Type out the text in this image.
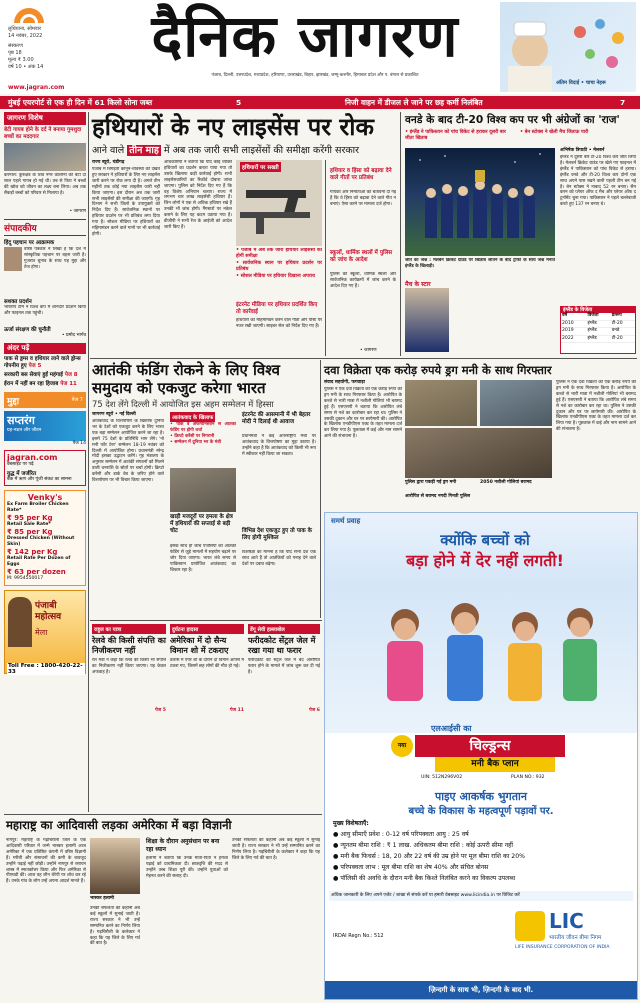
लुधियाना, सोमवार
14 नवंबर, 2022
संस्करण
पृष्ठ 18
मूल्य ₹ 3.00
वर्ष 10 • अंक 14
www.jagran.com
दैनिक जागरण
पंजाब, दिल्ली, उत्तरप्रदेश, मध्यप्रदेश, हरियाणा, उत्तराखंड, बिहार, झारखंड, जम्मू-कश्मीर, हिमाचल प्रदेश और प. बंगाल से प्रकाशित
अंतिम विदाई • चाचा नेहरू
मुंबई एयरपोर्ट से एक ही दिन में 61 किलो सोना जब्त	5	निजी वाहन में डीजल ले जाने पर छह कर्मी निलंबित	7
जागरण विशेष
बेटी गायब होने के दर्द ने बनाया गुमशुदा बच्चों का मददगार
करनाल: कुरुक्षेत्र के शिव नगर कॉलोनी की बेटी दो साल पहले गायब हो गई थी। तब से पिता ने बच्चों की खोज को जीवन का लक्ष्य बना लिया। अब तक सैकड़ों बच्चों को परिवार से मिलाया है।
• जागरण
संपादकीय
हिंदू पहचान पर आक्रामक
वरिष्ठ पत्रकार ने लिखा है कि देश में सांस्कृतिक पहचान पर बहस जारी है। गुजरात चुनाव के साथ यह मुद्दा और तेज होगा।
सशक्त प्रदर्शन
भारतीय टीम ने विश्व कप में शानदार प्रदर्शन किया और फाइनल तक पहुंची।
ऊर्जा संरक्षण की चुनौती
• प्रमोद भार्गव
अंदर पढ़ें
पाक से ड्रग्स व हथियार लाने वाले ड्रोन्स गोपनीय हुए पेज 5
सरकारी बस सेवाएं हुईं महंगाई पेज 8
ईरान में नहीं बन रहा हिजाब पेज 11
मुद्दा	पेज 7
सप्तरंग
ग्रह-नक्षत्र और जीवन
पेज 14
jagran.com
वेबसाइट पर पढ़ें
युद्ध में जर्जरित
बैंक में ऋण और पूंजी संकट का सामना
Venky's
Ex Farm Broiler Chicken Rate*
₹ 95 per Kg
Retail Sale Rate*
₹ 85 per Kg
Dressed Chicken (Without Skin)
₹ 142 per Kg
Retail Rate Per Dozen of Eggs
₹ 63 per dozen
M: 9954550017
पंजाबी महोत्सव
मेला
Toll Free : 1800-420-22-33
हथियारों के नए लाइसेंस पर रोक
आने वाले तीन माह में अब तक जारी सभी लाइसेंसों की समीक्षा करेंगी सरकार
राज्य ब्यूरो, चंडीगढ़
पंजाब में बिगड़ती कानून-व्यवस्था को देखते हुए सरकार ने हथियारों के लिए नए लाइसेंस जारी करने पर रोक लगा दी है। अगले तीन महीनों तक कोई नया लाइसेंस जारी नहीं किया जाएगा। इस दौरान अब तक जारी सभी लाइसेंसों की समीक्षा की जाएगी। गृह विभाग ने सभी जिलों के उपायुक्तों को निर्देश दिए हैं। सार्वजनिक स्थानों पर हथियार प्रदर्शन पर भी प्रतिबंध लगा दिया गया है। सोशल मीडिया पर हथियारों का महिमामंडन करने वाले गानों पर भी कार्रवाई होगी।
अधिकारियों ने बताया कि यदि कोई व्यक्ति हथियारों का प्रदर्शन करता पाया गया तो उसके खिलाफ कड़ी कार्रवाई होगी। सभी लाइसेंसधारियों का रिकॉर्ड दोबारा जांचा जाएगा। पुलिस को निर्देश दिए गए हैं कि वह विशेष अभियान चलाए। राज्य में लगभग चार लाख लाइसेंसी हथियार हैं। जिन लोगों ने एक से अधिक हथियार रखे हैं उनकी भी जांच होगी। गैंगस्टरों पर नकेल कसने के लिए यह कदम उठाया गया है। डीजीपी ने सभी रेंज के आईजी को आदेश जारी किए हैं।
हथियारों पर सख्ती
• पंजाब में अब तक जारी हथियार लाइसेंसों की होगी समीक्षा
• सार्वजनिक स्थान पर हथियार प्रदर्शन पर प्रतिबंध
• सोशल मीडिया पर हथियार दिखाना अपराध
इंटरनेट मीडिया पर हथियार प्रदर्शित किए तो कार्रवाई
हथियारों का महिमामंडन करने वाले गीतों और पोस्ट पर नजर रखी जाएगी। साइबर सेल को निर्देश दिए गए हैं।
हथियार व हिंसा को बढ़ावा देने वाले गीतों पर प्रतिबंध
गायकों और निर्माताओं को चेतावनी दी गई है कि वे हिंसा को बढ़ावा देने वाले गीत न बनाएं। ऐसा करने पर मामला दर्ज होगा।
स्कूलों, धार्मिक स्थलों में पुलिस को जांच के आदेश
पुलिस को स्कूलों, धार्मिक स्थलों और सार्वजनिक कार्यक्रमों में जांच करने के आदेश दिए गए हैं।
• जागरण
वनडे के बाद टी-20 विश्व कप पर भी अंग्रेजों का 'राज'
• इंग्लैंड ने पाकिस्तान को पांच विकेट से हराकर दूसरी बार जीता खिताब
• बेन स्टोक्स ने खेली मैच जिताऊ पारी
जीत का जश्न : मेलबर्न क्रिकेट ग्राउंड पर खिताब जीतने के बाद ट्रॉफी के साथ जश्न मनाते इंग्लैंड के खिलाड़ी।
अभिषेक त्रिपाठी • मेलबर्न
इंग्लैंड ने दूसरी बार टी-20 विश्व कप जीत लिया है। मेलबर्न क्रिकेट ग्राउंड पर खेले गए फाइनल में इंग्लैंड ने पाकिस्तान को पांच विकेट से हराया। इंग्लैंड वनडे और टी-20 विश्व कप दोनों एक साथ अपने पास रखने वाली पहली टीम बन गई है। बेन स्टोक्स ने नाबाद 52 रन बनाए। सैम करन को प्लेयर ऑफ द मैच और प्लेयर ऑफ द टूर्नामेंट चुना गया। पाकिस्तान ने पहले बल्लेबाजी करते हुए 137 रन बनाए थे।
इंग्लैंड के विजेता
वर्ष	विजेता	प्रारूप
2010	इंग्लैंड	टी-20
2019	इंग्लैंड	वनडे
2022	इंग्लैंड	टी-20
मैच के स्टार
आतंकी फंडिंग रोकने के लिए विश्व
समुदाय को एकजुट करेगा भारत
75 देश लेंगे दिल्ली में आयोजित इस अहम सम्मेलन में हिस्सा
जागरण ब्यूरो • नई दिल्ली
आतंकवाद के वित्तपोषण के खिलाफ दुनिया भर के देशों को एकजुट करने के लिए भारत एक बड़ा सम्मेलन आयोजित करने जा रहा है। इसमें 75 देशों के प्रतिनिधि भाग लेंगे। 'नो मनी फॉर टेरर' सम्मेलन 18-19 नवंबर को दिल्ली में आयोजित होगा। प्रधानमंत्री नरेन्द्र मोदी इसका उद्घाटन करेंगे। गृह मंत्रालय के अनुसार सम्मेलन में आतंकी संगठनों को मिलने वाली धनराशि के स्रोतों पर चर्चा होगी। क्रिप्टो करेंसी और डार्क वेब के जरिए होने वाले वित्तपोषण पर भी विचार किया जाएगा।
आतंकवाद के खिलाफ
• पाक व अफगानिस्तान से आतंकी फंडिंग पर होगी चर्चा
• क्रिप्टो करेंसी पर निगरानी
• सम्मेलन में दुनिया भर के मंत्री
खाड़ी मजदूरों पर हमला के क्षेत्र में हथियारों की सप्लाई से बड़ी चोट
इसके साथ ही जांच एजेंसियों को आतंकी फंडिंग से जुड़े मामलों में सहयोग बढ़ाने पर जोर दिया जाएगा। भारत लंबे समय से पाकिस्तान प्रायोजित आतंकवाद का शिकार रहा है।
इंटरनेट की आसमानी में भी बेहतर मोदी ने दिलाई थी आवाज
प्रधानमंत्री ने कई अंतरराष्ट्रीय मंचों पर आतंकवाद के वित्तपोषण का मुद्दा उठाया है। उन्होंने कहा है कि आतंकवाद को किसी भी रूप में स्वीकार नहीं किया जा सकता।
विभिन्न देश एकजुट हुए तो पाक के लिए होगी मुश्किल
विशेषज्ञों का मानना है कि यदि सभी देश एक साथ आते हैं तो आतंकियों को पनाह देने वाले देशों पर दबाव बढ़ेगा।
दवा विक्रेता एक करोड़ रुपये ड्रग मनी के साथ गिरफ्तार
संवाद सहयोगी, फगवाड़ा
पुलिस ने एक दवा विक्रेता को एक करोड़ रुपये की ड्रग मनी के साथ गिरफ्तार किया है। आरोपित के कब्जे से भारी मात्रा में नशीली गोलियां भी बरामद हुई हैं। एसएसपी ने बताया कि आरोपित लंबे समय से नशे का कारोबार कर रहा था। पुलिस ने उसकी दुकान और घर पर छापेमारी की। आरोपित के खिलाफ एनडीपीएस एक्ट के तहत मामला दर्ज कर लिया गया है। पूछताछ में कई और नाम सामने आने की संभावना है।
पुलिस द्वारा पकड़ी गई ड्रग मनी	2050 नशीली गोलियां बरामद
आरोपित से बरामद नगदी गिनती पुलिस
पुलिस ने एक दवा विक्रेता को एक करोड़ रुपये की ड्रग मनी के साथ गिरफ्तार किया है। आरोपित के कब्जे से भारी मात्रा में नशीली गोलियां भी बरामद हुई हैं। एसएसपी ने बताया कि आरोपित लंबे समय से नशे का कारोबार कर रहा था। पुलिस ने उसकी दुकान और घर पर छापेमारी की। आरोपित के खिलाफ एनडीपीएस एक्ट के तहत मामला दर्ज कर लिया गया है। पूछताछ में कई और नाम सामने आने की संभावना है।
समर्थ प्रवाह
क्योंकि बच्चों को
बड़ा होने में देर नहीं लगती!
एलआईसी का
नया	चिल्ड्रन्स
मनी बैक प्लान
UIN: 512N296V02	PLAN NO.: 932
पाइए आकर्षक भुगतान
बच्चे के विकास के महत्वपूर्ण पड़ावों पर.
मुख्य विशेषताएँ:
● आयु सीमाएँ प्रवेश : 0-12 वर्ष परिपक्वता आयु : 25 वर्ष
● न्यूनतम बीमा राशि : ₹ 1 लाख. अधिकतम बीमा राशि : कोई ऊपरी सीमा नहीं
● मनी बैक फिचर्स : 18, 20 और 22 वर्ष की उम्र होने पर मूल बीमा राशि का 20%
● परिपक्वता लाभ : मूल बीमा राशि का शेष 40% और संचित बोनस
● पॉलिसी की अवधि के दौरान मनी बैक किश्ते निलंबित करने का विकल्प उपलब्ध
अधिक जानकारी के लिए अपने एजेंट / शाखा से संपर्क करें या हमारी वेबसाइट www.licindia.in पर विजिट करें
IRDAI Regn No.: 512
LIC
भारतीय जीवन बीमा निगम
LIFE INSURANCE CORPORATION OF INDIA
ज़िन्दगी के साथ भी, ज़िन्दगी के बाद भी.
राहुल का यात्रा
रेलवे की किसी संपत्ति का निजीकरण नहीं
रेल मंत्री ने कहा कि रेलवे की किसी भी संपत्ति का निजीकरण नहीं किया जाएगा। यह केवल अफवाह है।
पेज 5
दुर्घटना हादसा
अमेरिका में दो सैन्य विमान शो में टकराए
डलास में एयर शो के दौरान दो विमान आपस में टकरा गए, जिसमें छह लोगों की मौत हो गई।
पेज 11
डेंगू सेवी हल्लाबोल
फरीदकोट सेंट्रल जेल में रखा गया था फरार
फरीदकोट की सेंट्रल जेल में बंद आरोपित फरार होने के मामले में जांच शुरू कर दी गई है।
पेज 6
महाराष्ट्र का आदिवासी लड़का अमेरिका में बड़ा विज्ञानी
नागपुर: महाराष्ट्र के गढ़चिरौली जिले के एक आदिवासी परिवार में जन्मे भास्कर हलामी आज अमेरिका में एक प्रतिष्ठित कंपनी में वरिष्ठ विज्ञानी हैं। गरीबी और संसाधनों की कमी के बावजूद उन्होंने पढ़ाई नहीं छोड़ी। उन्होंने नागपुर से रसायन शास्त्र में स्नातकोत्तर किया और फिर अमेरिका से पीएचडी की। आज वह जीन थेरेपी पर शोध कर रहे हैं। उनके गांव के लोग उन्हें अपना आदर्श मानते हैं।
भास्कर हलामी
उनकी सफलता की कहानी अब कई स्कूलों में सुनाई जाती है। राज्य सरकार ने भी उन्हें सम्मानित करने का निर्णय लिया है। गढ़चिरौली के कलेक्टर ने कहा कि यह जिले के लिए गर्व की बात है।
शिक्षा के दौरान अनुसंधान पर बना रहा ध्यान
हलामी ने बताया कि उनके माता-पिता ने हमेशा पढ़ाई को प्राथमिकता दी। छात्रवृत्ति की मदद से उन्होंने उच्च शिक्षा पूरी की। उन्होंने युवाओं को मेहनत करने की सलाह दी।
उनकी सफलता की कहानी अब कई स्कूलों में सुनाई जाती है। राज्य सरकार ने भी उन्हें सम्मानित करने का निर्णय लिया है। गढ़चिरौली के कलेक्टर ने कहा कि यह जिले के लिए गर्व की बात है।
